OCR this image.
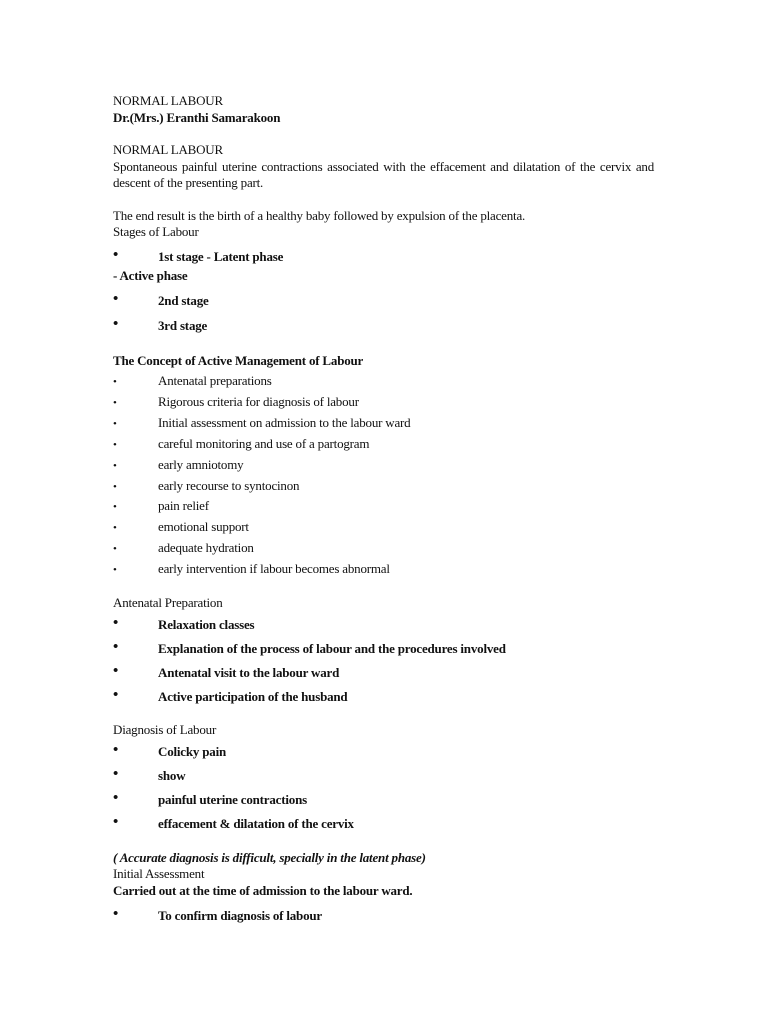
NORMAL LABOUR
Dr.(Mrs.) Eranthi Samarakoon
NORMAL LABOUR
Spontaneous painful uterine contractions associated with the effacement and dilatation of the cervix and descent of the presenting part.
The end result is the birth of a healthy baby followed by expulsion of the placenta.
Stages of Labour
•	1st stage - Latent phase
- Active phase
•	2nd stage
•	3rd stage
The Concept of Active Management of Labour
•	Antenatal preparations
•	Rigorous criteria for diagnosis of labour
•	Initial assessment on admission to the labour ward
•	careful monitoring and use of a partogram
•	early amniotomy
•	early recourse to syntocinon
•	pain relief
•	emotional support
•	adequate hydration
•	early intervention if labour becomes abnormal
Antenatal Preparation
•	Relaxation classes
•	Explanation of the process of labour and the procedures involved
•	Antenatal visit to the labour ward
•	Active participation of the husband
Diagnosis of Labour
•	Colicky pain
•	show
•	painful uterine contractions
•	effacement & dilatation of the cervix
( Accurate diagnosis is difficult, specially in the latent phase)
Initial Assessment
Carried out at the time of admission to the labour ward.
•	To confirm diagnosis of labour
